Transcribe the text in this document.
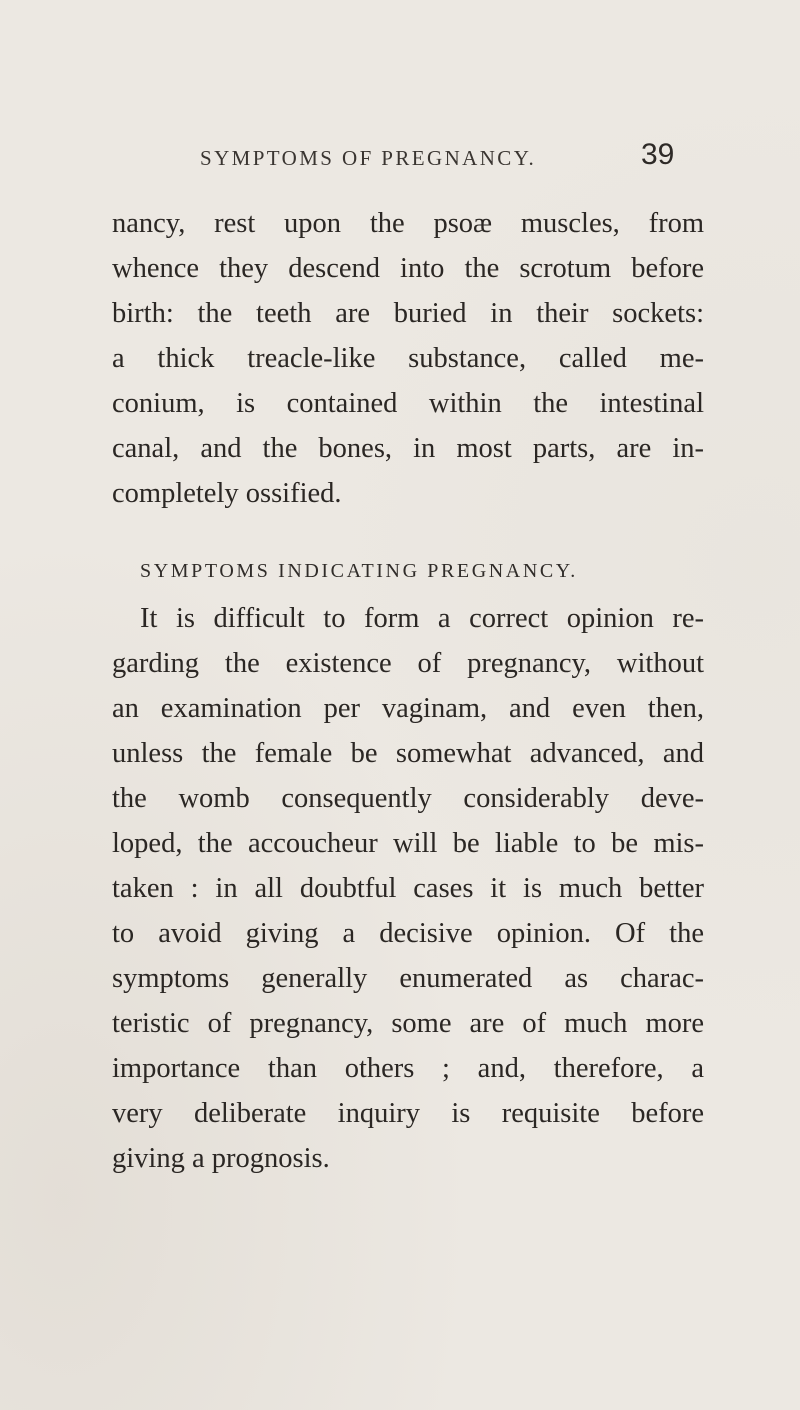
SYMPTOMS OF PREGNANCY.	39
nancy, rest upon the psoæ muscles, from
whence they descend into the scrotum before
birth: the teeth are buried in their sockets:
a thick treacle-like substance, called me-
conium, is contained within the intestinal
canal, and the bones, in most parts, are in-
completely ossified.
SYMPTOMS INDICATING PREGNANCY.
It is difficult to form a correct opinion re-
garding the existence of pregnancy, without
an examination per vaginam, and even then,
unless the female be somewhat advanced, and
the womb consequently considerably deve-
loped, the accoucheur will be liable to be mis-
taken : in all doubtful cases it is much better
to avoid giving a decisive opinion. Of the
symptoms generally enumerated as charac-
teristic of pregnancy, some are of much more
importance than others ; and, therefore, a
very deliberate inquiry is requisite before
giving a prognosis.
